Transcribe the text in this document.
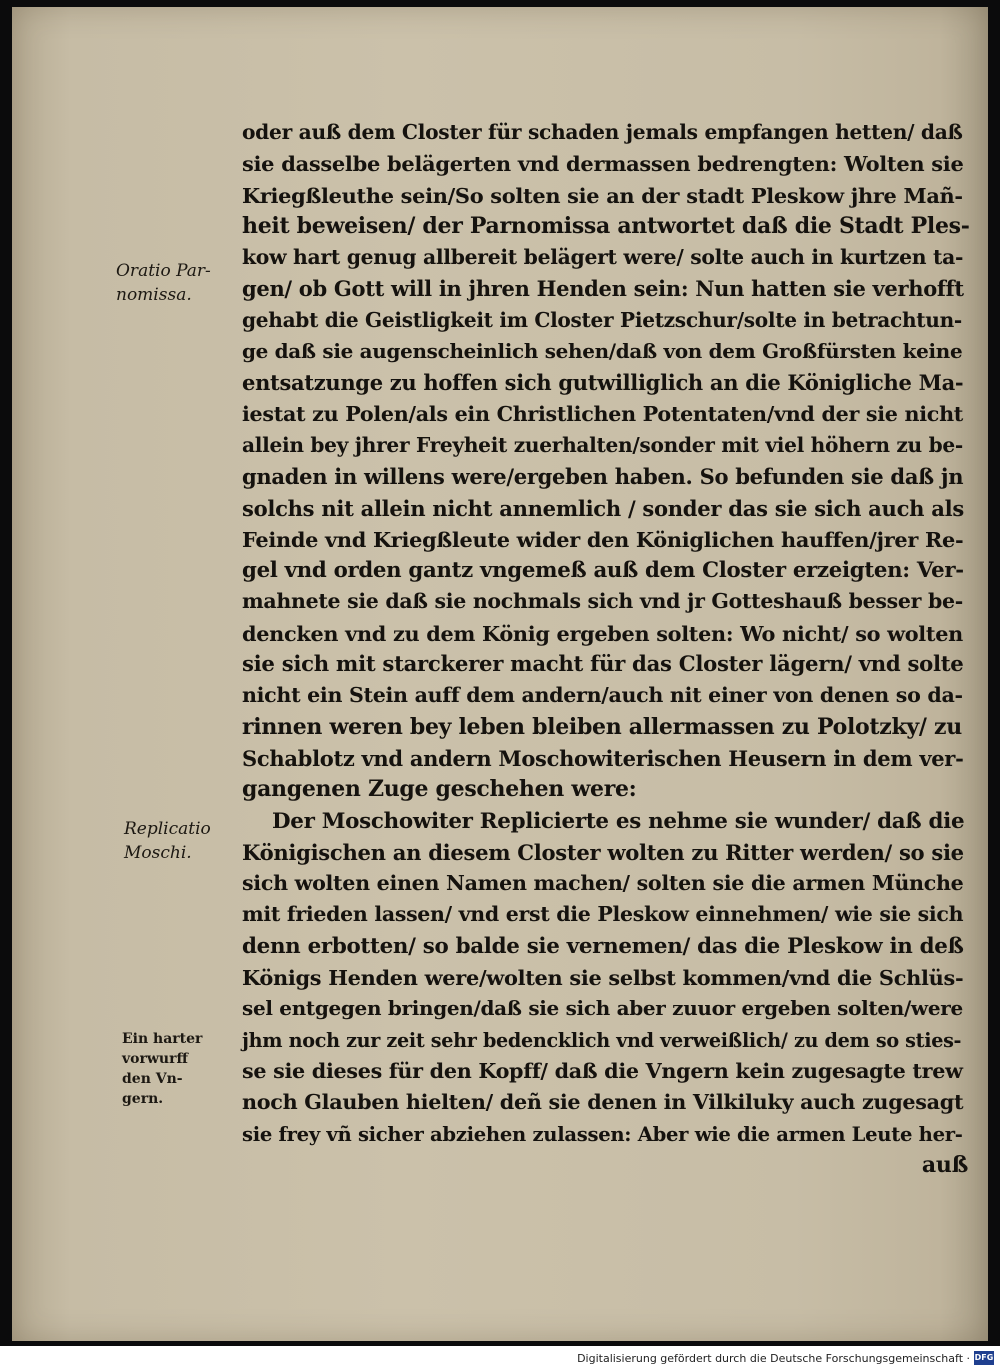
Oratio Par-
nomissa.
Replicatio
Moschi.
Ein harter
vorwurff
den Vn-
gern.
oder auß dem Closter für schaden jemals empfangen hetten/ daß
sie dasselbe belägerten vnd dermassen bedrengten: Wolten sie
Kriegßleuthe sein/So solten sie an der stadt Pleskow jhre Mañ-
heit beweisen/ der Parnomissa antwortet daß die Stadt Ples-
kow hart genug allbereit belägert were/ solte auch in kurtzen ta-
gen/ ob Gott will in jhren Henden sein: Nun hatten sie verhofft
gehabt die Geistligkeit im Closter Pietzschur/solte in betrachtun-
ge daß sie augenscheinlich sehen/daß von dem Großfürsten keine
entsatzunge zu hoffen sich gutwilliglich an die Königliche Ma-
iestat zu Polen/als ein Christlichen Potentaten/vnd der sie nicht
allein bey jhrer Freyheit zuerhalten/sonder mit viel höhern zu be-
gnaden in willens were/ergeben haben. So befunden sie daß jn
solchs nit allein nicht annemlich / sonder das sie sich auch als
Feinde vnd Kriegßleute wider den Königlichen hauffen/jrer Re-
gel vnd orden gantz vngemeß auß dem Closter erzeigten: Ver-
mahnete sie daß sie nochmals sich vnd jr Gotteshauß besser be-
dencken vnd zu dem König ergeben solten: Wo nicht/ so wolten
sie sich mit starckerer macht für das Closter lägern/ vnd solte
nicht ein Stein auff dem andern/auch nit einer von denen so da-
rinnen weren bey leben bleiben allermassen zu Polotzky/ zu
Schablotz vnd andern Moschowiterischen Heusern in dem ver-
gangenen Zuge geschehen were:
Der Moschowiter Replicierte es nehme sie wunder/ daß die
Königischen an diesem Closter wolten zu Ritter werden/ so sie
sich wolten einen Namen machen/ solten sie die armen Münche
mit frieden lassen/ vnd erst die Pleskow einnehmen/ wie sie sich
denn erbotten/ so balde sie vernemen/ das die Pleskow in deß
Königs Henden were/wolten sie selbst kommen/vnd die Schlüs-
sel entgegen bringen/daß sie sich aber zuuor ergeben solten/were
jhm noch zur zeit sehr bedencklich vnd verweißlich/ zu dem so sties-
se sie dieses für den Kopff/ daß die Vngern kein zugesagte trew
noch Glauben hielten/ deñ sie denen in Vilkiluky auch zugesagt
sie frey vñ sicher abziehen zulassen: Aber wie die armen Leute her-
auß
Digitalisierung gefördert durch die Deutsche Forschungsgemeinschaft · DFG
